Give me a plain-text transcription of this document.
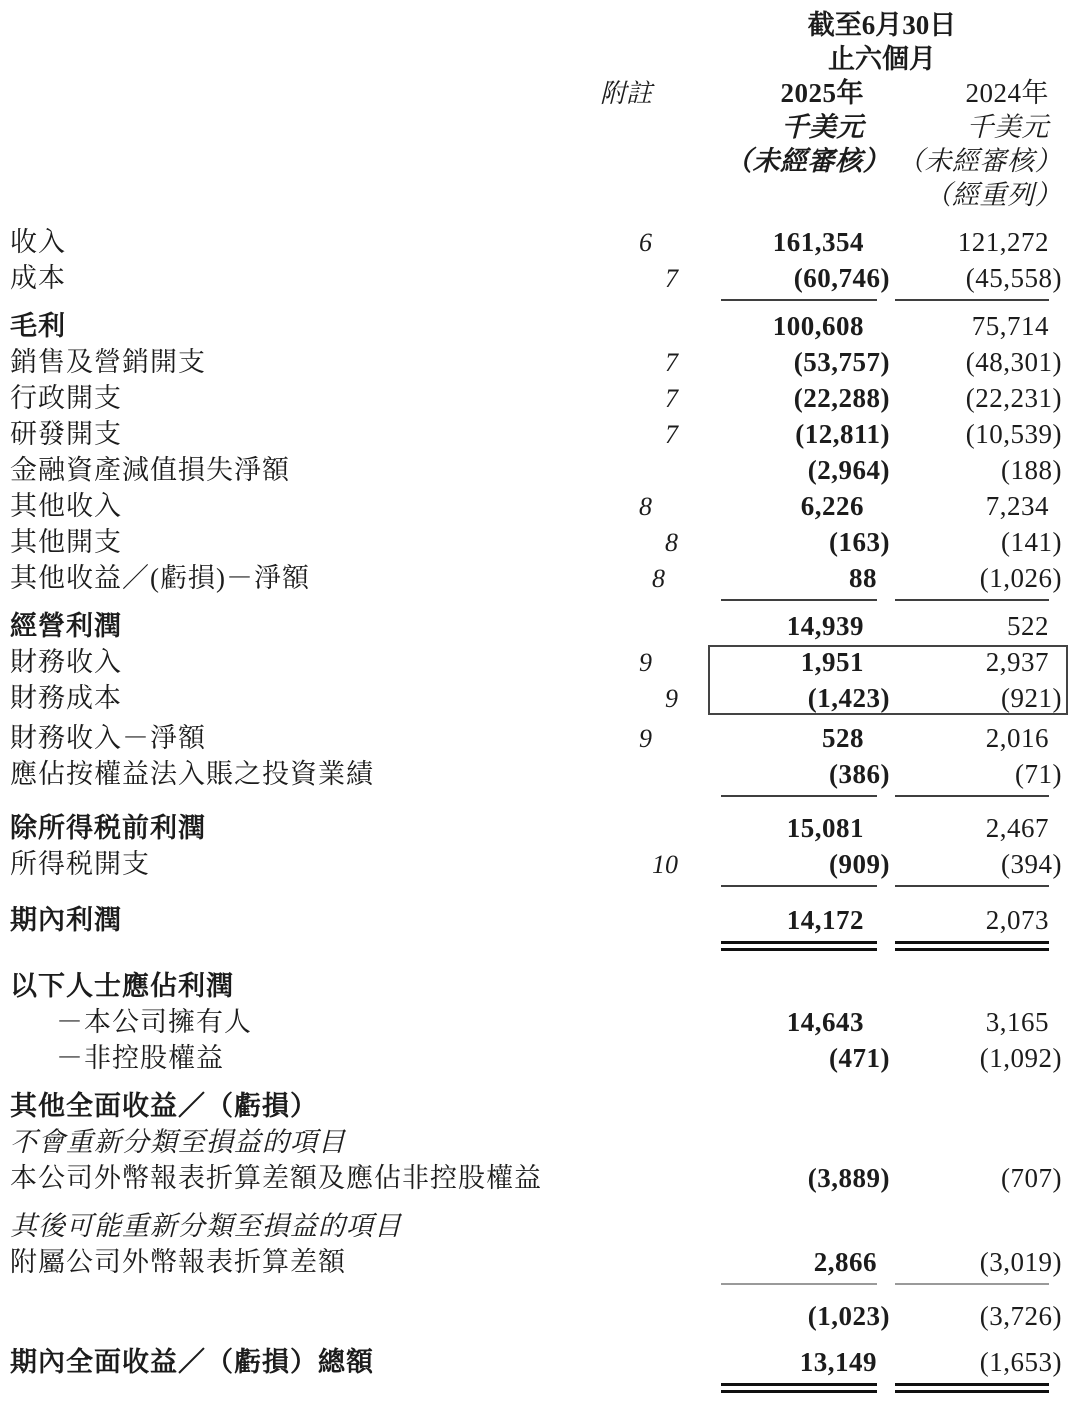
截至6月30日
止六個月
附註	2025年	2024年
千美元	千美元
（未經審核） （未經審核）
（經重列）
收入	6	161,354	121,272
成本	7	(60,746)	(45,558)
毛利	100,608	75,714
銷售及營銷開支	7	(53,757)	(48,301)
行政開支	7	(22,288)	(22,231)
研發開支	7	(12,811)	(10,539)
金融資產減值損失淨額	(2,964)	(188)
其他收入	8	6,226	7,234
其他開支	8	(163)	(141)
其他收益／(虧損)－淨額	8	88	(1,026)
經營利潤	14,939	522
財務收入	9	1,951	2,937
財務成本	9	(1,423)	(921)
財務收入－淨額	9	528	2,016
應佔按權益法入賬之投資業績	(386)	(71)
除所得税前利潤	15,081	2,467
所得税開支	10	(909)	(394)
期內利潤	14,172	2,073
以下人士應佔利潤
－本公司擁有人	14,643	3,165
－非控股權益	(471)	(1,092)
其他全面收益／（虧損）
不會重新分類至損益的項目
本公司外幣報表折算差額及應佔非控股權益	(3,889)	(707)
其後可能重新分類至損益的項目
附屬公司外幣報表折算差額	2,866	(3,019)
(1,023)	(3,726)
期內全面收益／（虧損）總額	13,149	(1,653)
